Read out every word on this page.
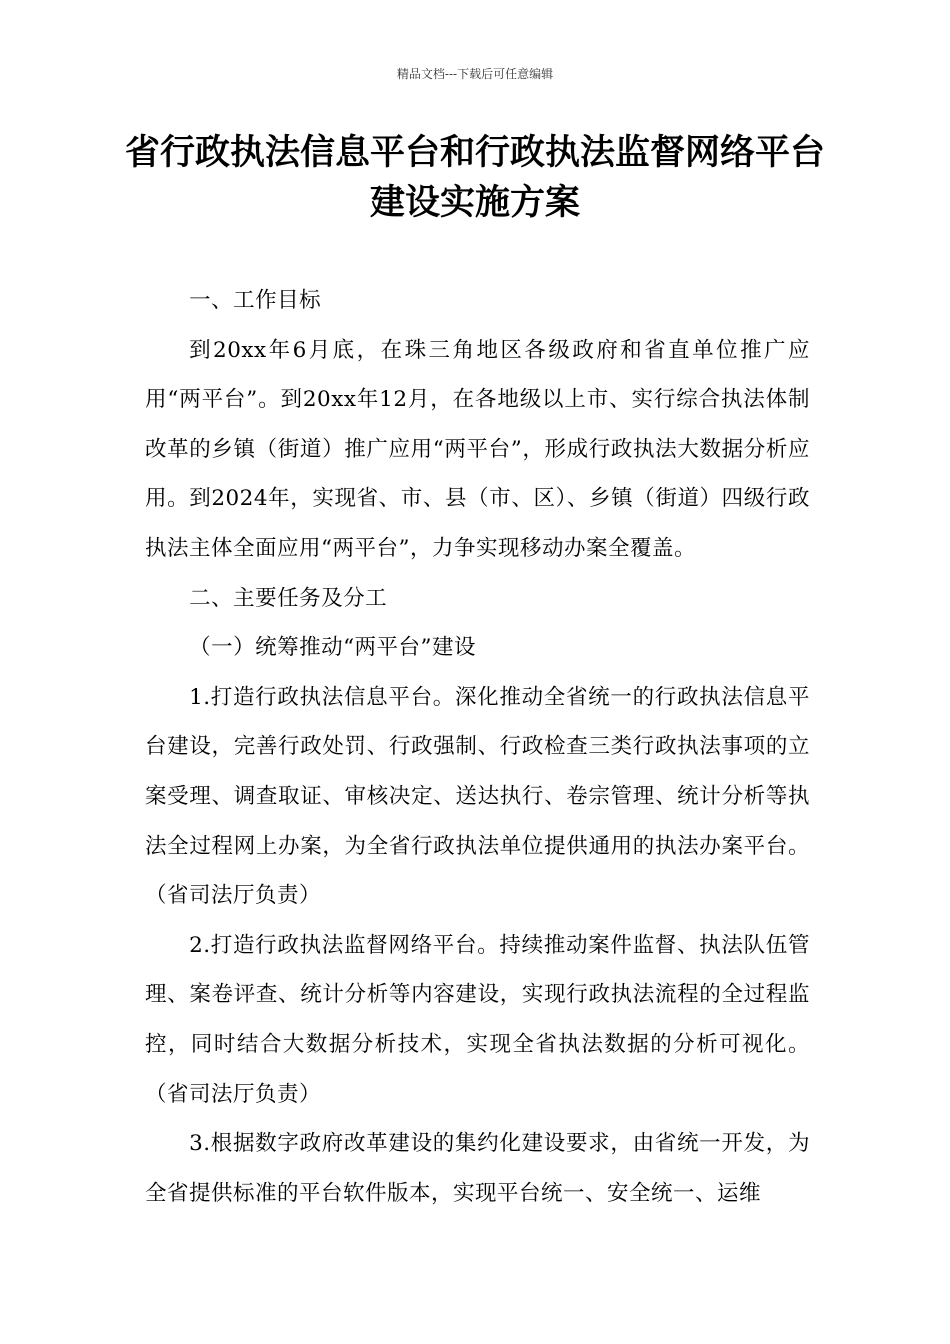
精品文档---下载后可任意编辑
省行政执法信息平台和行政执法监督网络平台建设实施方案

一、工作目标

到20xx年6月底，在珠三角地区各级政府和省直单位推广应用“两平台”。到20xx年12月，在各地级以上市、实行综合执法体制改革的乡镇（街道）推广应用“两平台”，形成行政执法大数据分析应用。到2024年，实现省、市、县（市、区）、乡镇（街道）四级行政执法主体全面应用“两平台”，力争实现移动办案全覆盖。

二、主要任务及分工

（一）统筹推动“两平台”建设

1.打造行政执法信息平台。深化推动全省统一的行政执法信息平台建设，完善行政处罚、行政强制、行政检查三类行政执法事项的立案受理、调查取证、审核决定、送达执行、卷宗管理、统计分析等执法全过程网上办案，为全省行政执法单位提供通用的执法办案平台。（省司法厅负责）

2.打造行政执法监督网络平台。持续推动案件监督、执法队伍管理、案卷评查、统计分析等内容建设，实现行政执法流程的全过程监控，同时结合大数据分析技术，实现全省执法数据的分析可视化。（省司法厅负责）

3.根据数字政府改革建设的集约化建设要求，由省统一开发，为全省提供标准的平台软件版本，实现平台统一、安全统一、运维
